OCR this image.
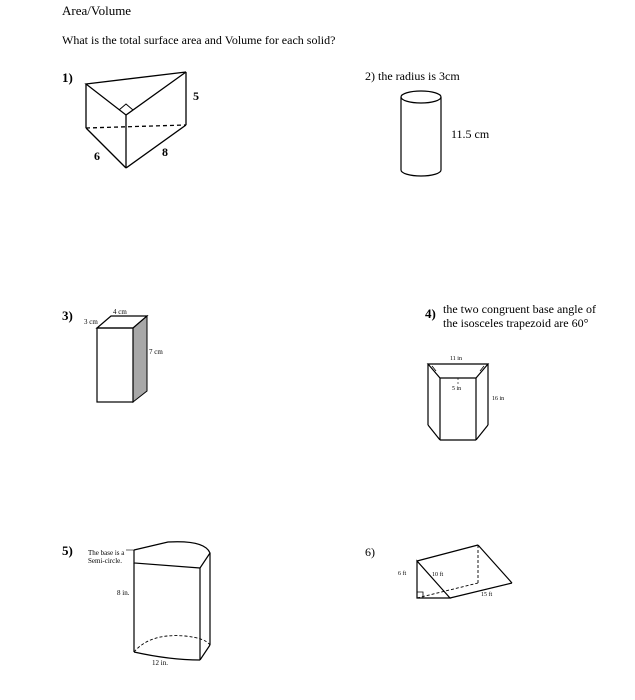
Area/Volume
What is the total surface area and Volume for each solid?
1)
6	8
5
2) the radius is 3cm
11.5 cm
3)	4 cm
3 cm
7 cm
4) the two congruent base angle of
the isosceles trapezoid are 60°
11 in
5 in
16 in
5) The base is a
Semi-circle.
8 in.
12 in.
6)
6 ft	10 ft
15 ft
